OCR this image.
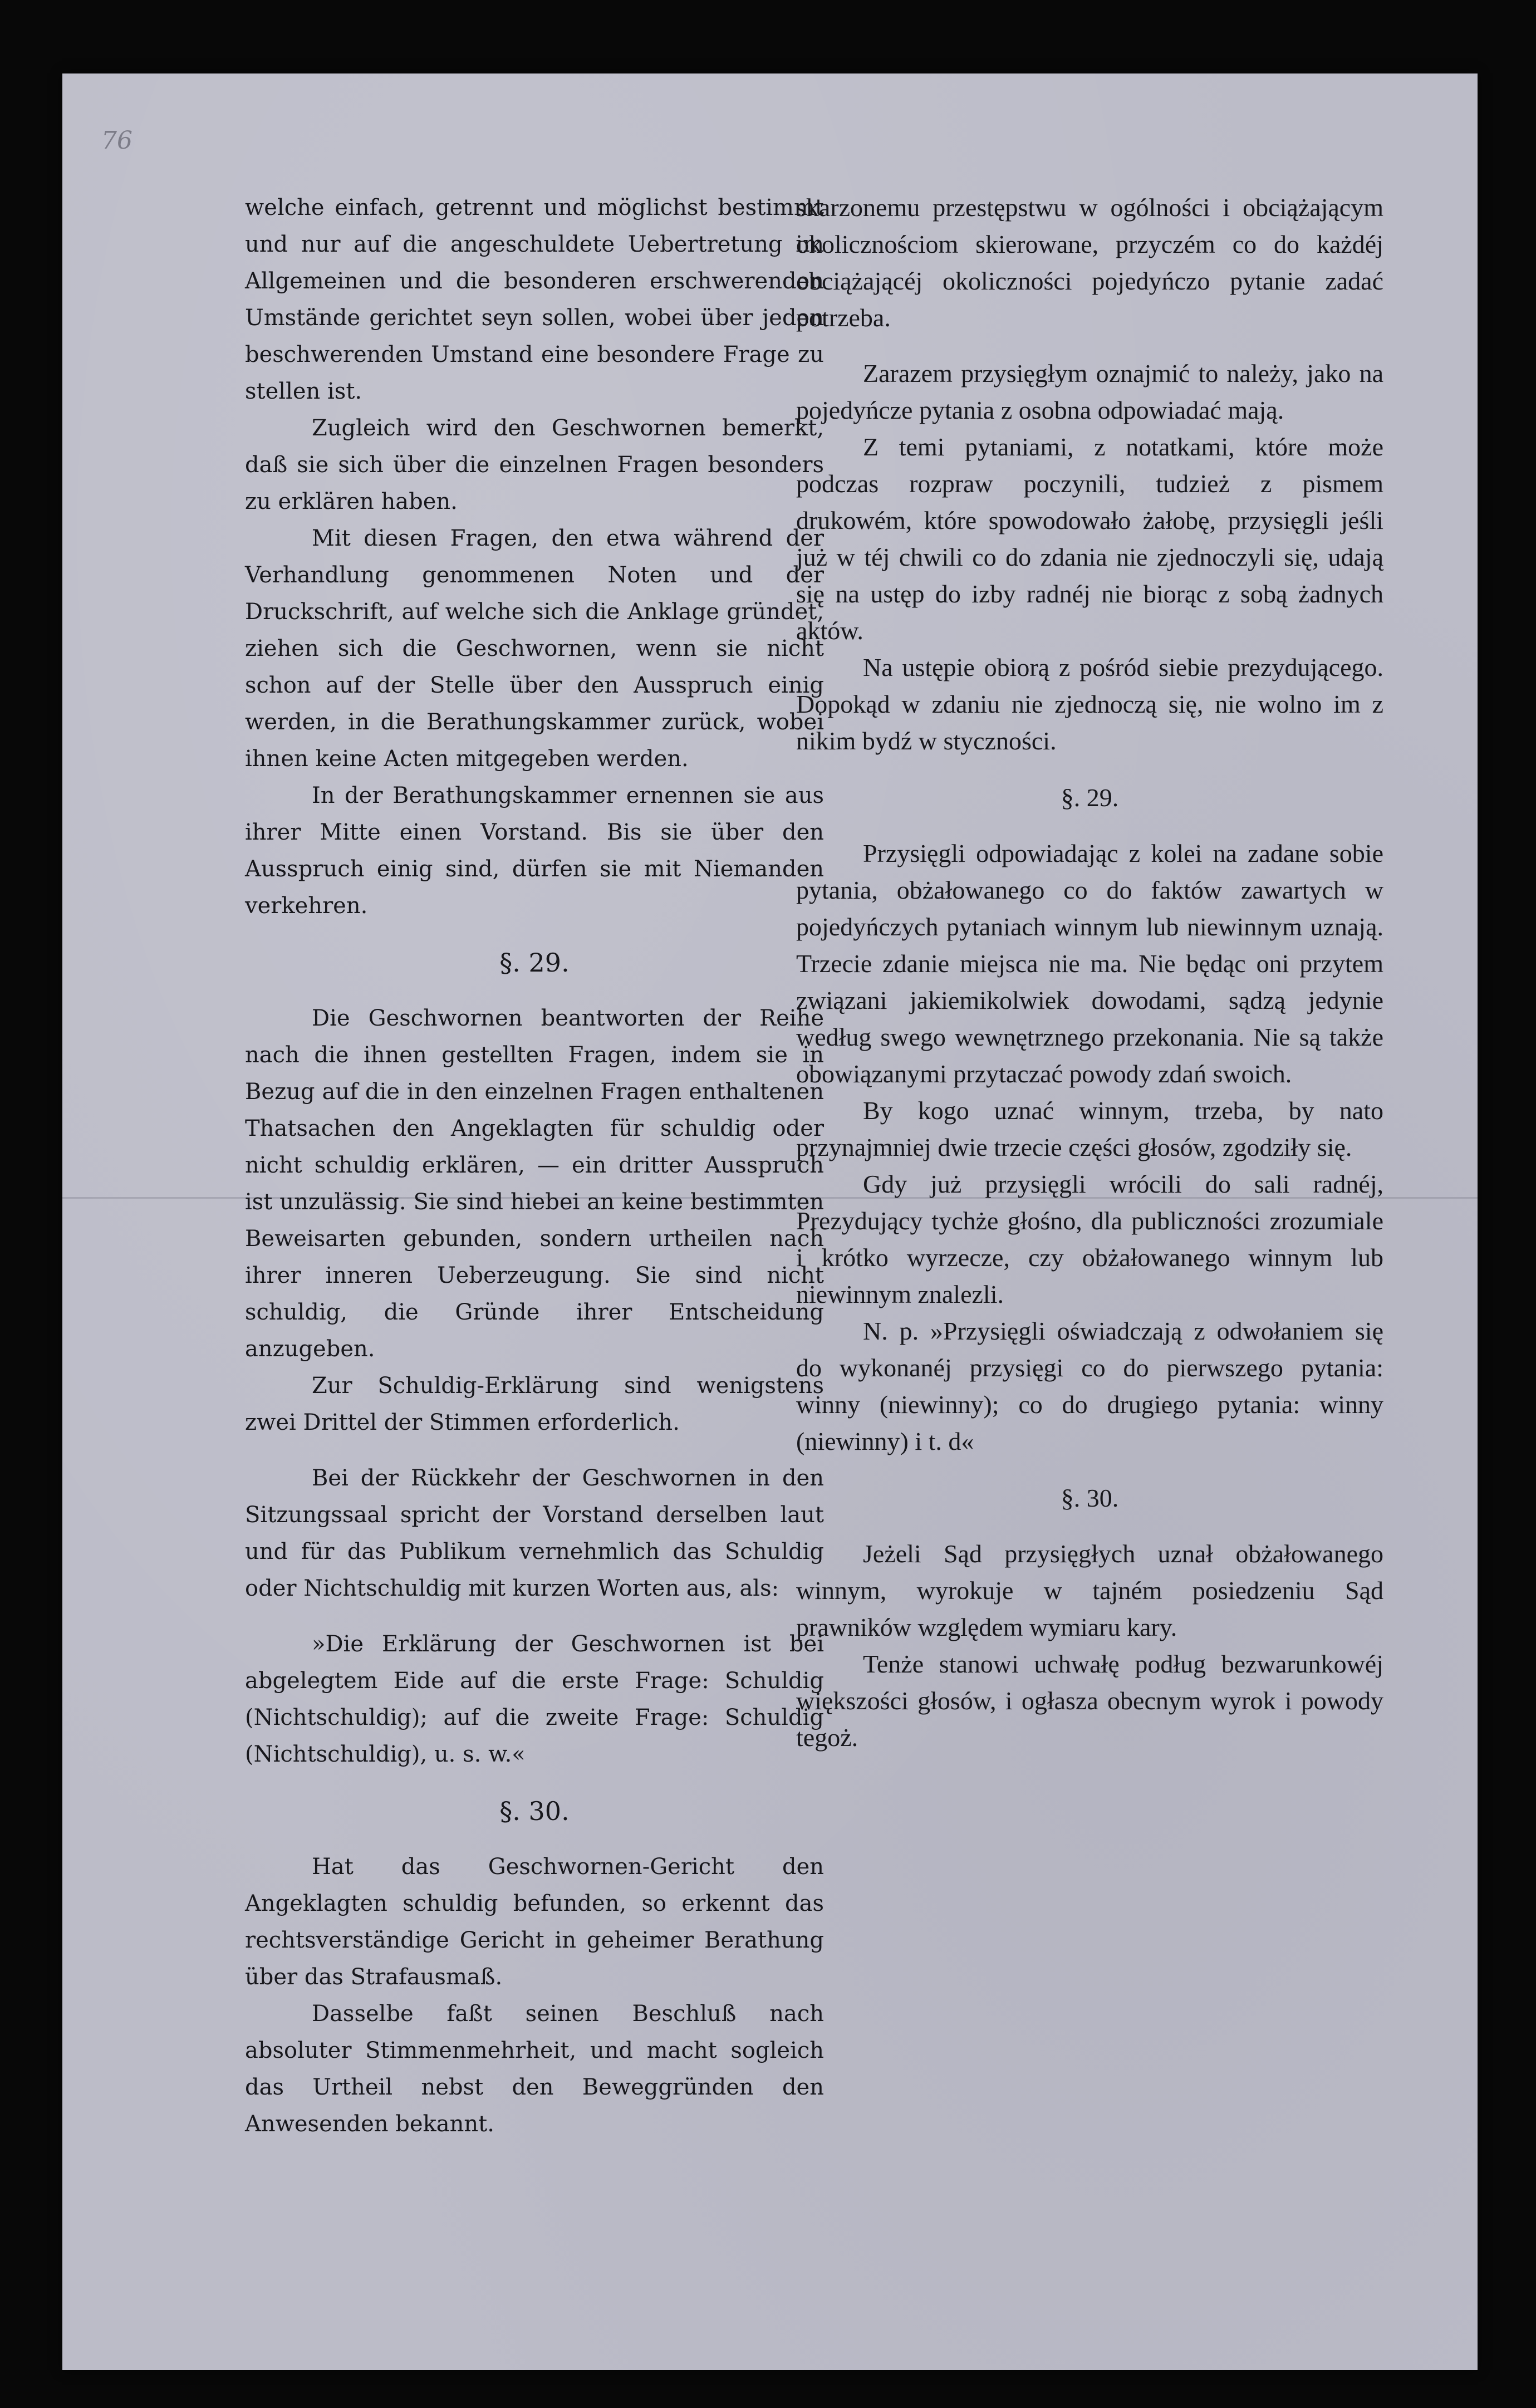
76

welche einfach, getrennt und möglichst bestimmt und nur auf die angeschuldete Uebertretung im Allgemeinen und die besonderen erschwerenden Umstände gerichtet seyn sollen, wobei über jeden beschwerenden Umstand eine besondere Frage zu stellen ist.

Zugleich wird den Geschwornen bemerkt, daß sie sich über die einzelnen Fragen besonders zu erklären haben.

Mit diesen Fragen, den etwa während der Verhandlung genommenen Noten und der Druckschrift, auf welche sich die Anklage gründet, ziehen sich die Geschwornen, wenn sie nicht schon auf der Stelle über den Ausspruch einig werden, in die Berathungskammer zurück, wobei ihnen keine Acten mitgegeben werden.

In der Berathungskammer ernennen sie aus ihrer Mitte einen Vorstand. Bis sie über den Ausspruch einig sind, dürfen sie mit Niemanden verkehren.

§. 29.

Die Geschwornen beantworten der Reihe nach die ihnen gestellten Fragen, indem sie in Bezug auf die in den einzelnen Fragen enthaltenen Thatsachen den Angeklagten für schuldig oder nicht schuldig erklären, — ein dritter Ausspruch ist unzulässig. Sie sind hiebei an keine bestimmten Beweisarten gebunden, sondern urtheilen nach ihrer inneren Ueberzeugung. Sie sind nicht schuldig, die Gründe ihrer Entscheidung anzugeben.

Zur Schuldig-Erklärung sind wenigstens zwei Drittel der Stimmen erforderlich.

Bei der Rückkehr der Geschwornen in den Sitzungssaal spricht der Vorstand derselben laut und für das Publikum vernehmlich das Schuldig oder Nichtschuldig mit kurzen Worten aus, als:

»Die Erklärung der Geschwornen ist bei abgelegtem Eide auf die erste Frage: Schuldig (Nichtschuldig); auf die zweite Frage: Schuldig (Nichtschuldig), u. s. w.«

§. 30.

Hat das Geschwornen-Gericht den Angeklagten schuldig befunden, so erkennt das rechtsverständige Gericht in geheimer Berathung über das Strafausmaß.

Dasselbe faßt seinen Beschluß nach absoluter Stimmenmehrheit, und macht sogleich das Urtheil nebst den Beweggründen den Anwesenden bekannt.

skarzonemu przestępstwu w ogólności i obciążającym okolicznościom skierowane, przyczém co do każdéj obciążającéj okoliczności pojedyńczo pytanie zadać potrzeba.

Zarazem przysięgłym oznajmić to należy, jako na pojedyńcze pytania z osobna odpowiadać mają.

Z temi pytaniami, z notatkami, które może podczas rozpraw poczynili, tudzież z pismem drukowém, które spowodowało żałobę, przysięgli jeśli już w téj chwili co do zdania nie zjednoczyli się, udają się na ustęp do izby radnéj nie biorąc z sobą żadnych aktów.

Na ustępie obiorą z pośród siebie prezydującego. Dopokąd w zdaniu nie zjednoczą się, nie wolno im z nikim bydź w styczności.

§. 29.

Przysięgli odpowiadając z kolei na zadane sobie pytania, obżałowanego co do faktów zawartych w pojedyńczych pytaniach winnym lub niewinnym uznają. Trzecie zdanie miejsca nie ma. Nie będąc oni przytem związani jakiemikolwiek dowodami, sądzą jedynie według swego wewnętrznego przekonania. Nie są także obowiązanymi przytaczać powody zdań swoich.

By kogo uznać winnym, trzeba, by nato przynajmniej dwie trzecie części głosów, zgodziły się.

Gdy już przysięgli wrócili do sali radnéj, Prezydujący tychże głośno, dla publiczności zrozumiale i krótko wyrzecze, czy obżałowanego winnym lub niewinnym znalezli.

N. p. »Przysięgli oświadczają z odwołaniem się do wykonanéj przysięgi co do pierwszego pytania: winny (niewinny); co do drugiego pytania: winny (niewinny) i t. d«

§. 30.

Jeżeli Sąd przysięgłych uznał obżałowanego winnym, wyrokuje w tajném posiedzeniu Sąd prawników względem wymiaru kary.

Tenże stanowi uchwałę podług bezwarunkowéj większości głosów, i ogłasza obecnym wyrok i powody tegoż.
